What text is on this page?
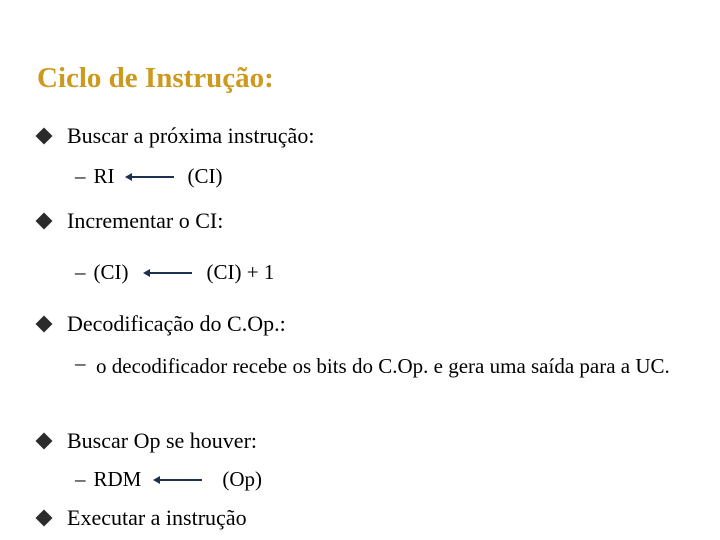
Ciclo de Instrução:
Buscar a próxima instrução:
– RI	(CI)
Incrementar o CI:
– (CI)	(CI) + 1
Decodificação do C.Op.:
– o decodificador recebe os bits do C.Op. e gera uma saída para a UC.
Buscar Op se houver:
– RDM	(Op)
Executar a instrução
